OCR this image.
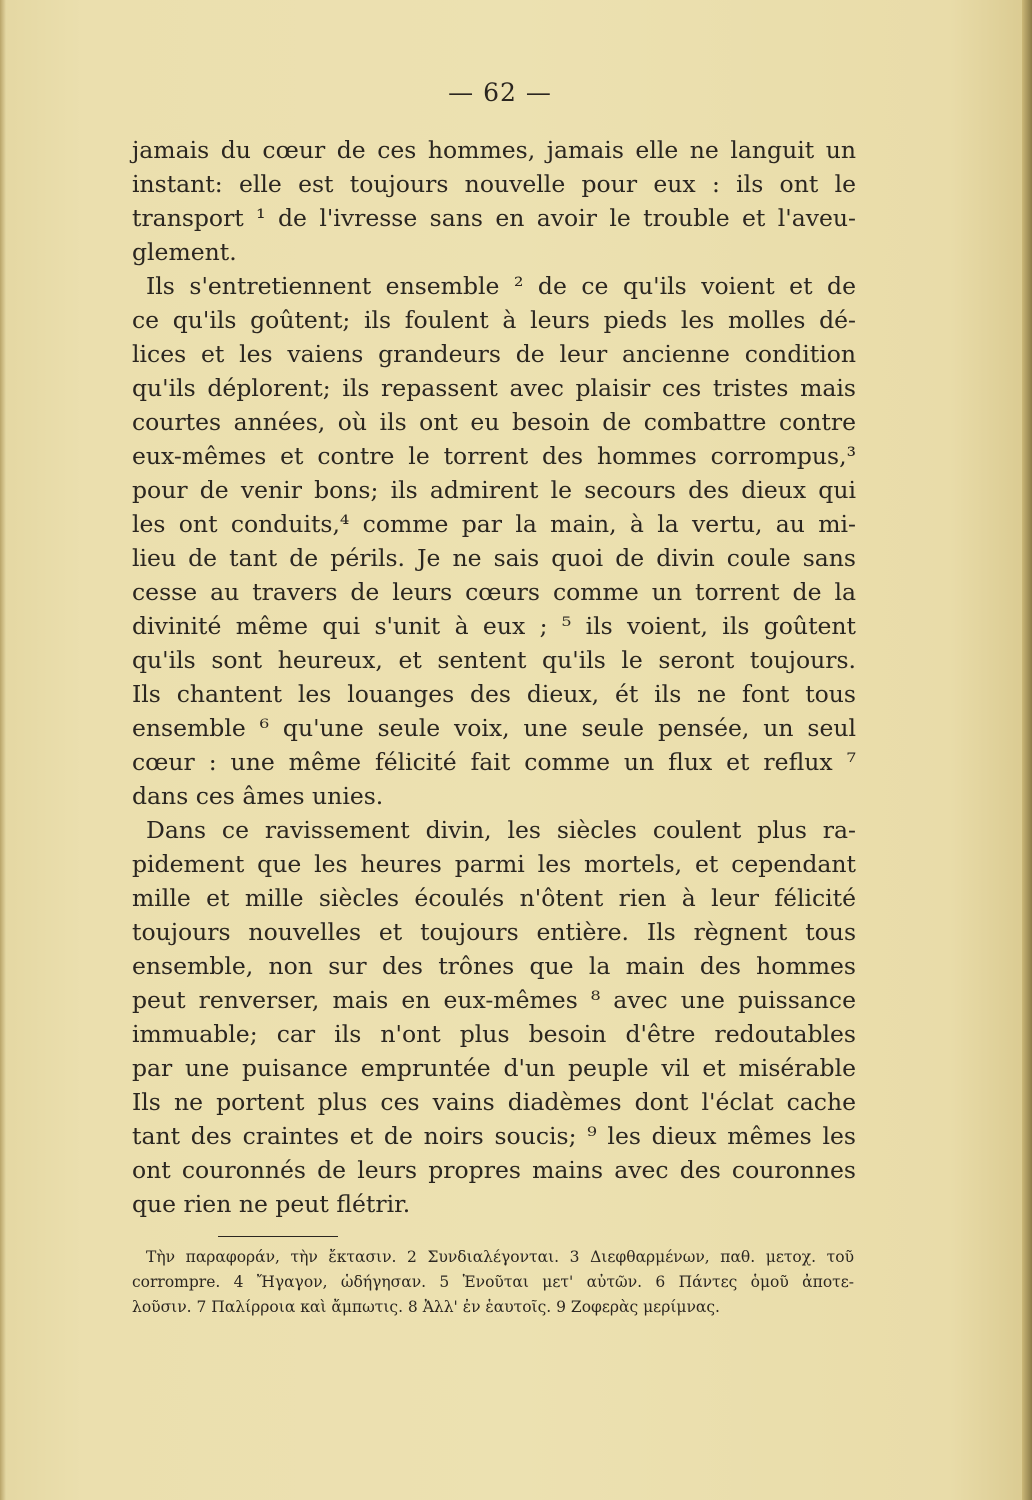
— 62 —
jamais du cœur de ces hommes, jamais elle ne languit un
instant: elle est toujours nouvelle pour eux : ils ont le
transport ¹ de l'ivresse sans en avoir le trouble et l'aveu-
glement.
Ils s'entretiennent ensemble ² de ce qu'ils voient et de
ce qu'ils goûtent; ils foulent à leurs pieds les molles dé-
lices et les vaiens grandeurs de leur ancienne condition
qu'ils déplorent; ils repassent avec plaisir ces tristes mais
courtes années, où ils ont eu besoin de combattre contre
eux-mêmes et contre le torrent des hommes corrompus,³
pour de venir bons; ils admirent le secours des dieux qui
les ont conduits,⁴ comme par la main, à la vertu, au mi-
lieu de tant de périls. Je ne sais quoi de divin coule sans
cesse au travers de leurs cœurs comme un torrent de la
divinité même qui s'unit à eux ; ⁵ ils voient, ils goûtent
qu'ils sont heureux, et sentent qu'ils le seront toujours.
Ils chantent les louanges des dieux, ét ils ne font tous
ensemble ⁶ qu'une seule voix, une seule pensée, un seul
cœur : une même félicité fait comme un flux et reflux ⁷
dans ces âmes unies.
Dans ce ravissement divin, les siècles coulent plus ra-
pidement que les heures parmi les mortels, et cependant
mille et mille siècles écoulés n'ôtent rien à leur félicité
toujours nouvelles et toujours entière. Ils règnent tous
ensemble, non sur des trônes que la main des hommes
peut renverser, mais en eux-mêmes ⁸ avec une puissance
immuable; car ils n'ont plus besoin d'être redoutables
par une puisance empruntée d'un peuple vil et misérable
Ils ne portent plus ces vains diadèmes dont l'éclat cache
tant des craintes et de noirs soucis; ⁹ les dieux mêmes les
ont couronnés de leurs propres mains avec des couronnes
que rien ne peut flétrir.
Τὴν παραφοράν, τὴν ἔκτασιν. 2 Συνδιαλέγονται. 3 Διεφθαρμένων, παθ. μετοχ. τοῦ
corrompre. 4 Ἤγαγον, ὡδήγησαν. 5 Ἑνοῦται μετ' αὐτῶν. 6 Πάντες ὁμοῦ ἀποτε-
λοῦσιν. 7 Παλίρροια καὶ ἄμπωτις. 8 Ἀλλ' ἐν ἑαυτοῖς. 9 Ζοφερὰς μερίμνας.
